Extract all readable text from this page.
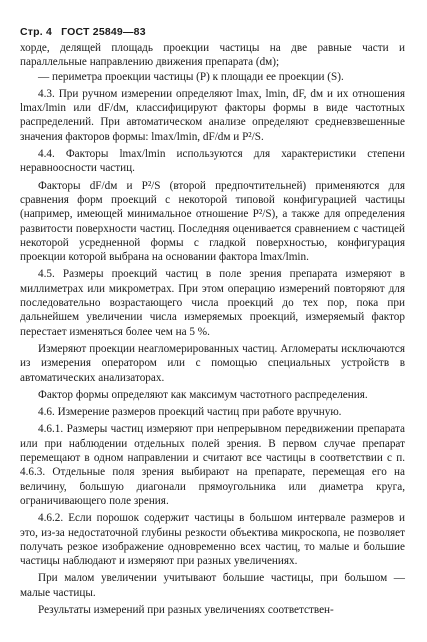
Стр. 4 ГОСТ 25849—83

хорде, делящей площадь проекции частицы на две равные части и параллельные направлению движения препарата (dм);

— периметра проекции частицы (P) к площади ее проекции (S).

4.3. При ручном измерении определяют lmax, lmin, dF, dм и их отношения lmax/lmin или dF/dм, классифицируют факторы формы в виде частотных распределений. При автоматическом анализе определяют средневзвешенные значения факторов формы: lmax/lmin, dF/dм и P²/S.

4.4. Факторы lmax/lmin используются для характеристики степени неравноосности частиц.

Факторы dF/dм и P²/S (второй предпочтительней) применяются для сравнения форм проекций с некоторой типовой конфигурацией частицы (например, имеющей минимальное отношение P²/S), а также для определения развитости поверхности частиц. Последняя оценивается сравнением с частицей некоторой усредненной формы с гладкой поверхностью, конфигурация проекции которой выбрана на основании фактора lmax/lmin.

4.5. Размеры проекций частиц в поле зрения препарата измеряют в миллиметрах или микрометрах. При этом операцию измерений повторяют для последовательно возрастающего числа проекций до тех пор, пока при дальнейшем увеличении числа измеряемых проекций, измеряемый фактор перестает изменяться более чем на 5 %.

Измеряют проекции неагломерированных частиц. Агломераты исключаются из измерения оператором или с помощью специальных устройств в автоматических анализаторах.

Фактор формы определяют как максимум частотного распределения.

4.6. Измерение размеров проекций частиц при работе вручную.

4.6.1. Размеры частиц измеряют при непрерывном передвижении препарата или при наблюдении отдельных полей зрения. В первом случае препарат перемещают в одном направлении и считают все частицы в соответствии с п. 4.6.3. Отдельные поля зрения выбирают на препарате, перемещая его на величину, большую диагонали прямоугольника или диаметра круга, ограничивающего поле зрения.

4.6.2. Если порошок содержит частицы в большом интервале размеров и это, из-за недостаточной глубины резкости объектива микроскопа, не позволяет получать резкое изображение одновременно всех частиц, то малые и большие частицы наблюдают и измеряют при разных увеличениях.

При малом увеличении учитывают большие частицы, при большом — малые частицы.

Результаты измерений при разных увеличениях соответствен-
